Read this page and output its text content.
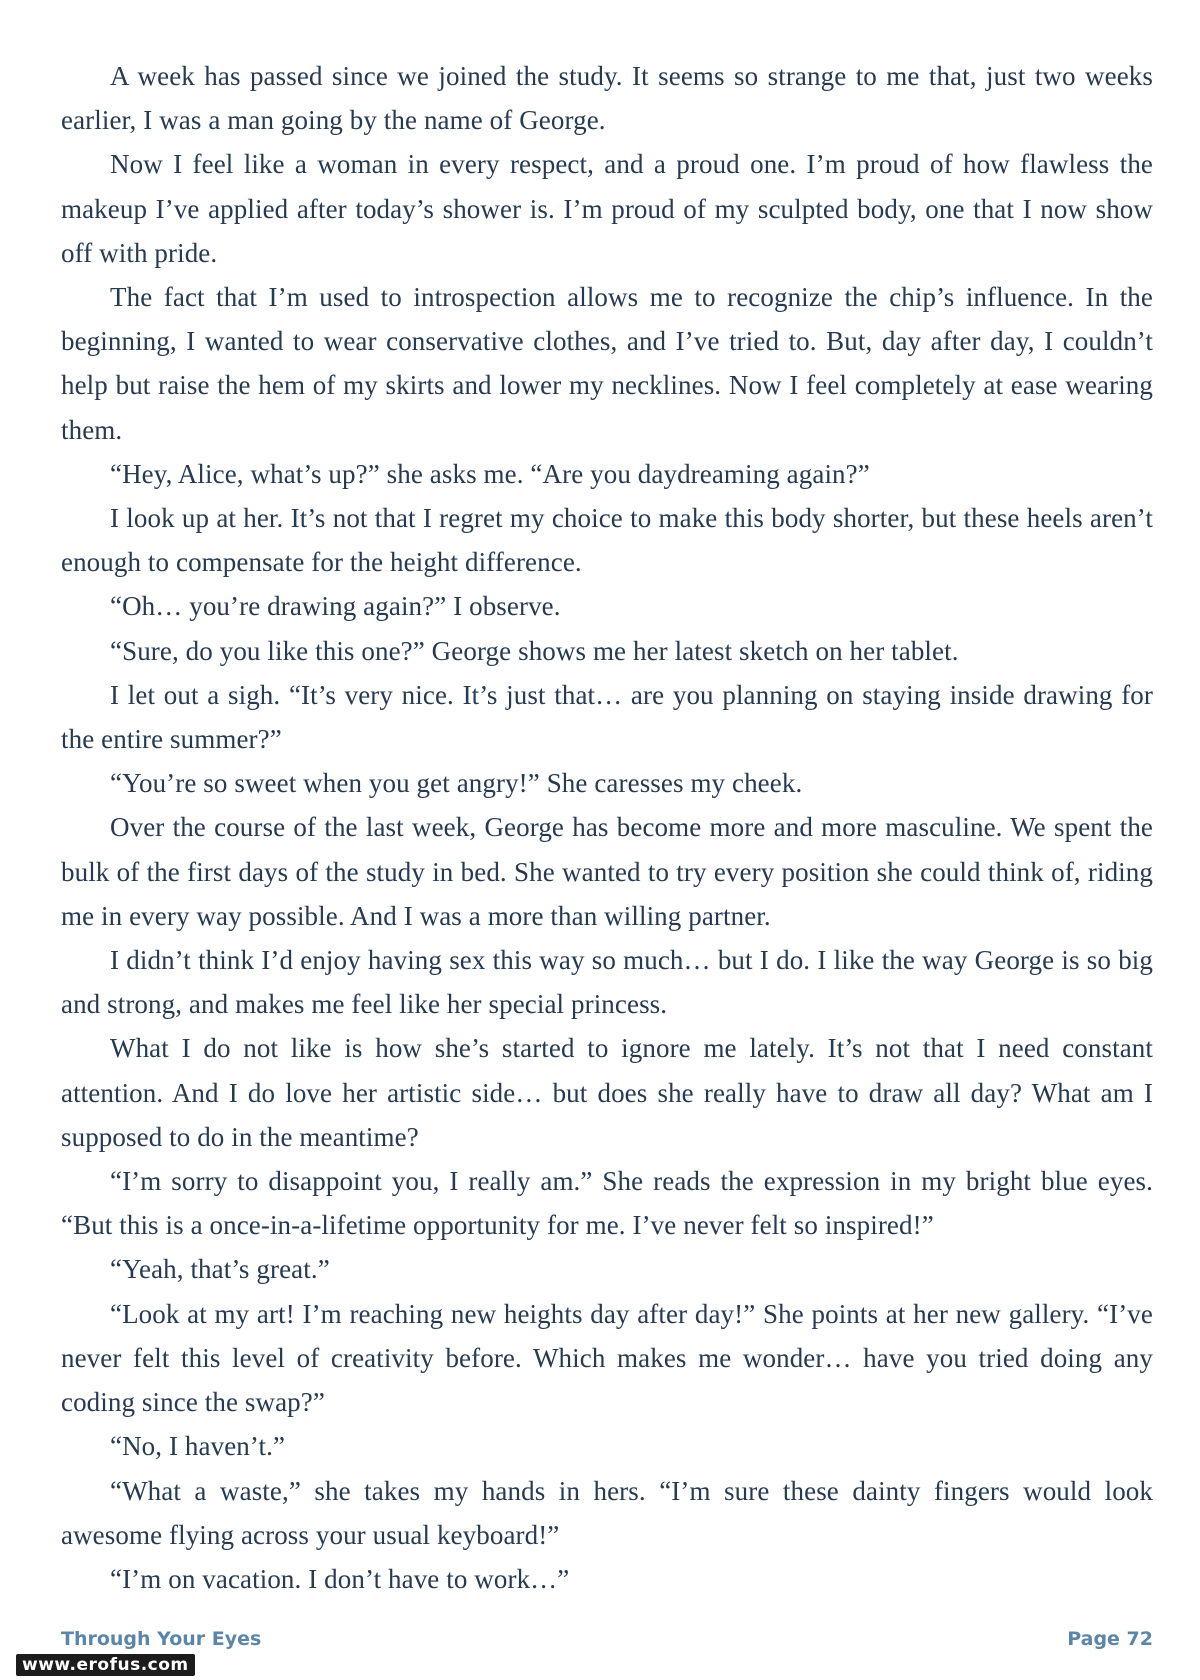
A week has passed since we joined the study. It seems so strange to me that, just two weeks earlier, I was a man going by the name of George.

Now I feel like a woman in every respect, and a proud one. I’m proud of how flawless the makeup I’ve applied after today’s shower is. I’m proud of my sculpted body, one that I now show off with pride.

The fact that I’m used to introspection allows me to recognize the chip’s influence. In the beginning, I wanted to wear conservative clothes, and I’ve tried to. But, day after day, I couldn’t help but raise the hem of my skirts and lower my necklines. Now I feel completely at ease wearing them.

“Hey, Alice, what’s up?” she asks me. “Are you daydreaming again?”

I look up at her. It’s not that I regret my choice to make this body shorter, but these heels aren’t enough to compensate for the height difference.

“Oh… you’re drawing again?” I observe.

“Sure, do you like this one?” George shows me her latest sketch on her tablet.

I let out a sigh. “It’s very nice. It’s just that… are you planning on staying inside drawing for the entire summer?”

“You’re so sweet when you get angry!” She caresses my cheek.

Over the course of the last week, George has become more and more masculine. We spent the bulk of the first days of the study in bed. She wanted to try every position she could think of, riding me in every way possible. And I was a more than willing partner.

I didn’t think I’d enjoy having sex this way so much… but I do. I like the way George is so big and strong, and makes me feel like her special princess.

What I do not like is how she’s started to ignore me lately. It’s not that I need constant attention. And I do love her artistic side… but does she really have to draw all day? What am I supposed to do in the meantime?

“I’m sorry to disappoint you, I really am.” She reads the expression in my bright blue eyes. “But this is a once-in-a-lifetime opportunity for me. I’ve never felt so inspired!”

“Yeah, that’s great.”

“Look at my art! I’m reaching new heights day after day!” She points at her new gallery. “I’ve never felt this level of creativity before. Which makes me wonder… have you tried doing any coding since the swap?”

“No, I haven’t.”

“What a waste,” she takes my hands in hers. “I’m sure these dainty fingers would look awesome flying across your usual keyboard!”

“I’m on vacation. I don’t have to work…”

Through Your Eyes	Page 72
www.erofus.com
